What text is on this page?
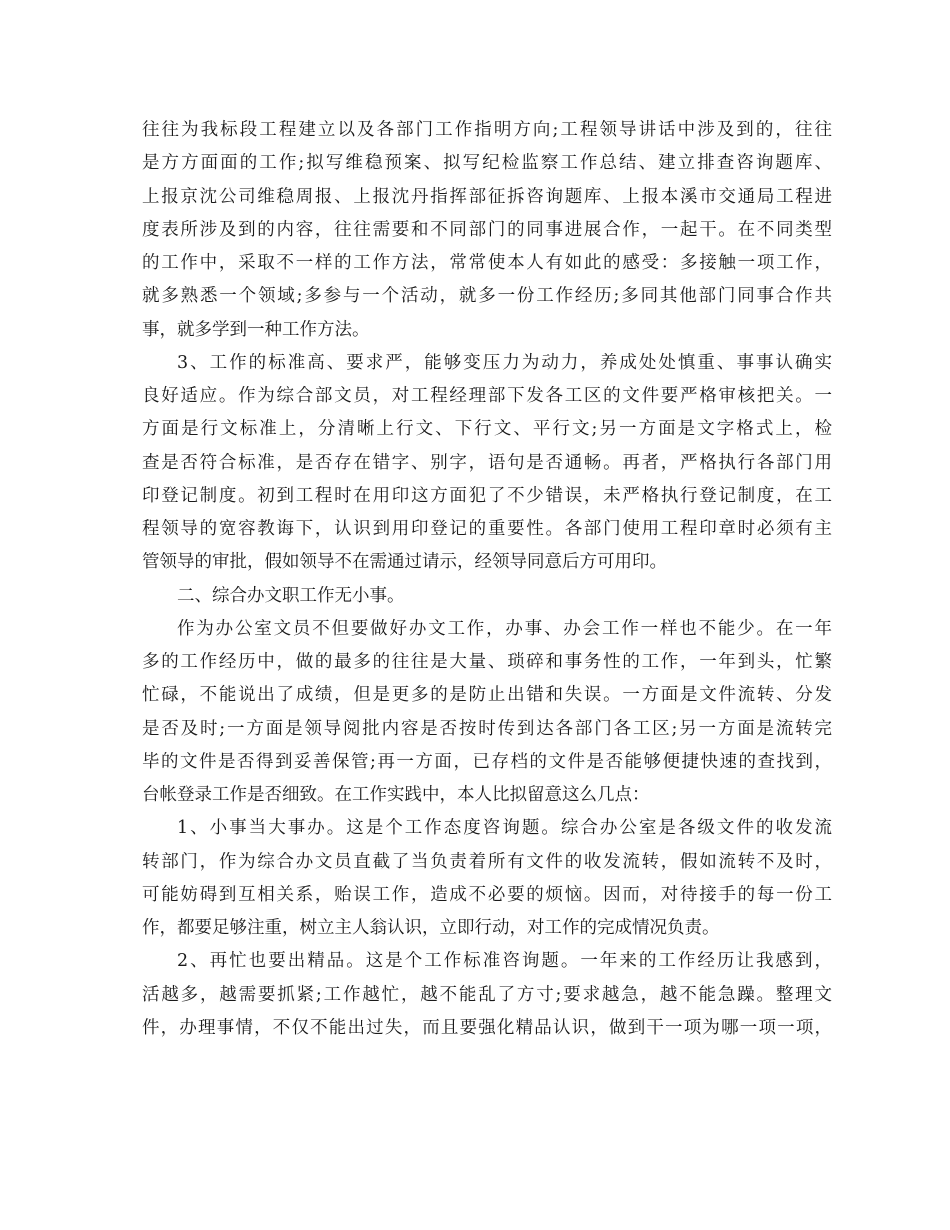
往往为我标段工程建立以及各部门工作指明方向;工程领导讲话中涉及到的，往往
是方方面面的工作;拟写维稳预案、拟写纪检监察工作总结、建立排查咨询题库、
上报京沈公司维稳周报、上报沈丹指挥部征拆咨询题库、上报本溪市交通局工程进
度表所涉及到的内容，往往需要和不同部门的同事进展合作，一起干。在不同类型
的工作中，采取不一样的工作方法，常常使本人有如此的感受：多接触一项工作，
就多熟悉一个领域;多参与一个活动，就多一份工作经历;多同其他部门同事合作共
事，就多学到一种工作方法。
3、工作的标准高、要求严，能够变压力为动力，养成处处慎重、事事认确实
良好适应。作为综合部文员，对工程经理部下发各工区的文件要严格审核把关。一
方面是行文标准上，分清晰上行文、下行文、平行文;另一方面是文字格式上，检
查是否符合标准，是否存在错字、别字，语句是否通畅。再者，严格执行各部门用
印登记制度。初到工程时在用印这方面犯了不少错误，未严格执行登记制度，在工
程领导的宽容教诲下，认识到用印登记的重要性。各部门使用工程印章时必须有主
管领导的审批，假如领导不在需通过请示，经领导同意后方可用印。
二、综合办文职工作无小事。
作为办公室文员不但要做好办文工作，办事、办会工作一样也不能少。在一年
多的工作经历中，做的最多的往往是大量、琐碎和事务性的工作，一年到头，忙繁
忙碌，不能说出了成绩，但是更多的是防止出错和失误。一方面是文件流转、分发
是否及时;一方面是领导阅批内容是否按时传到达各部门各工区;另一方面是流转完
毕的文件是否得到妥善保管;再一方面，已存档的文件是否能够便捷快速的查找到，
台帐登录工作是否细致。在工作实践中，本人比拟留意这么几点：
1、小事当大事办。这是个工作态度咨询题。综合办公室是各级文件的收发流
转部门，作为综合办文员直截了当负责着所有文件的收发流转，假如流转不及时，
可能妨碍到互相关系，贻误工作，造成不必要的烦恼。因而，对待接手的每一份工
作，都要足够注重，树立主人翁认识，立即行动，对工作的完成情况负责。
2、再忙也要出精品。这是个工作标准咨询题。一年来的工作经历让我感到，
活越多，越需要抓紧;工作越忙，越不能乱了方寸;要求越急，越不能急躁。整理文
件，办理事情，不仅不能出过失，而且要强化精品认识，做到干一项为哪一项一项，
